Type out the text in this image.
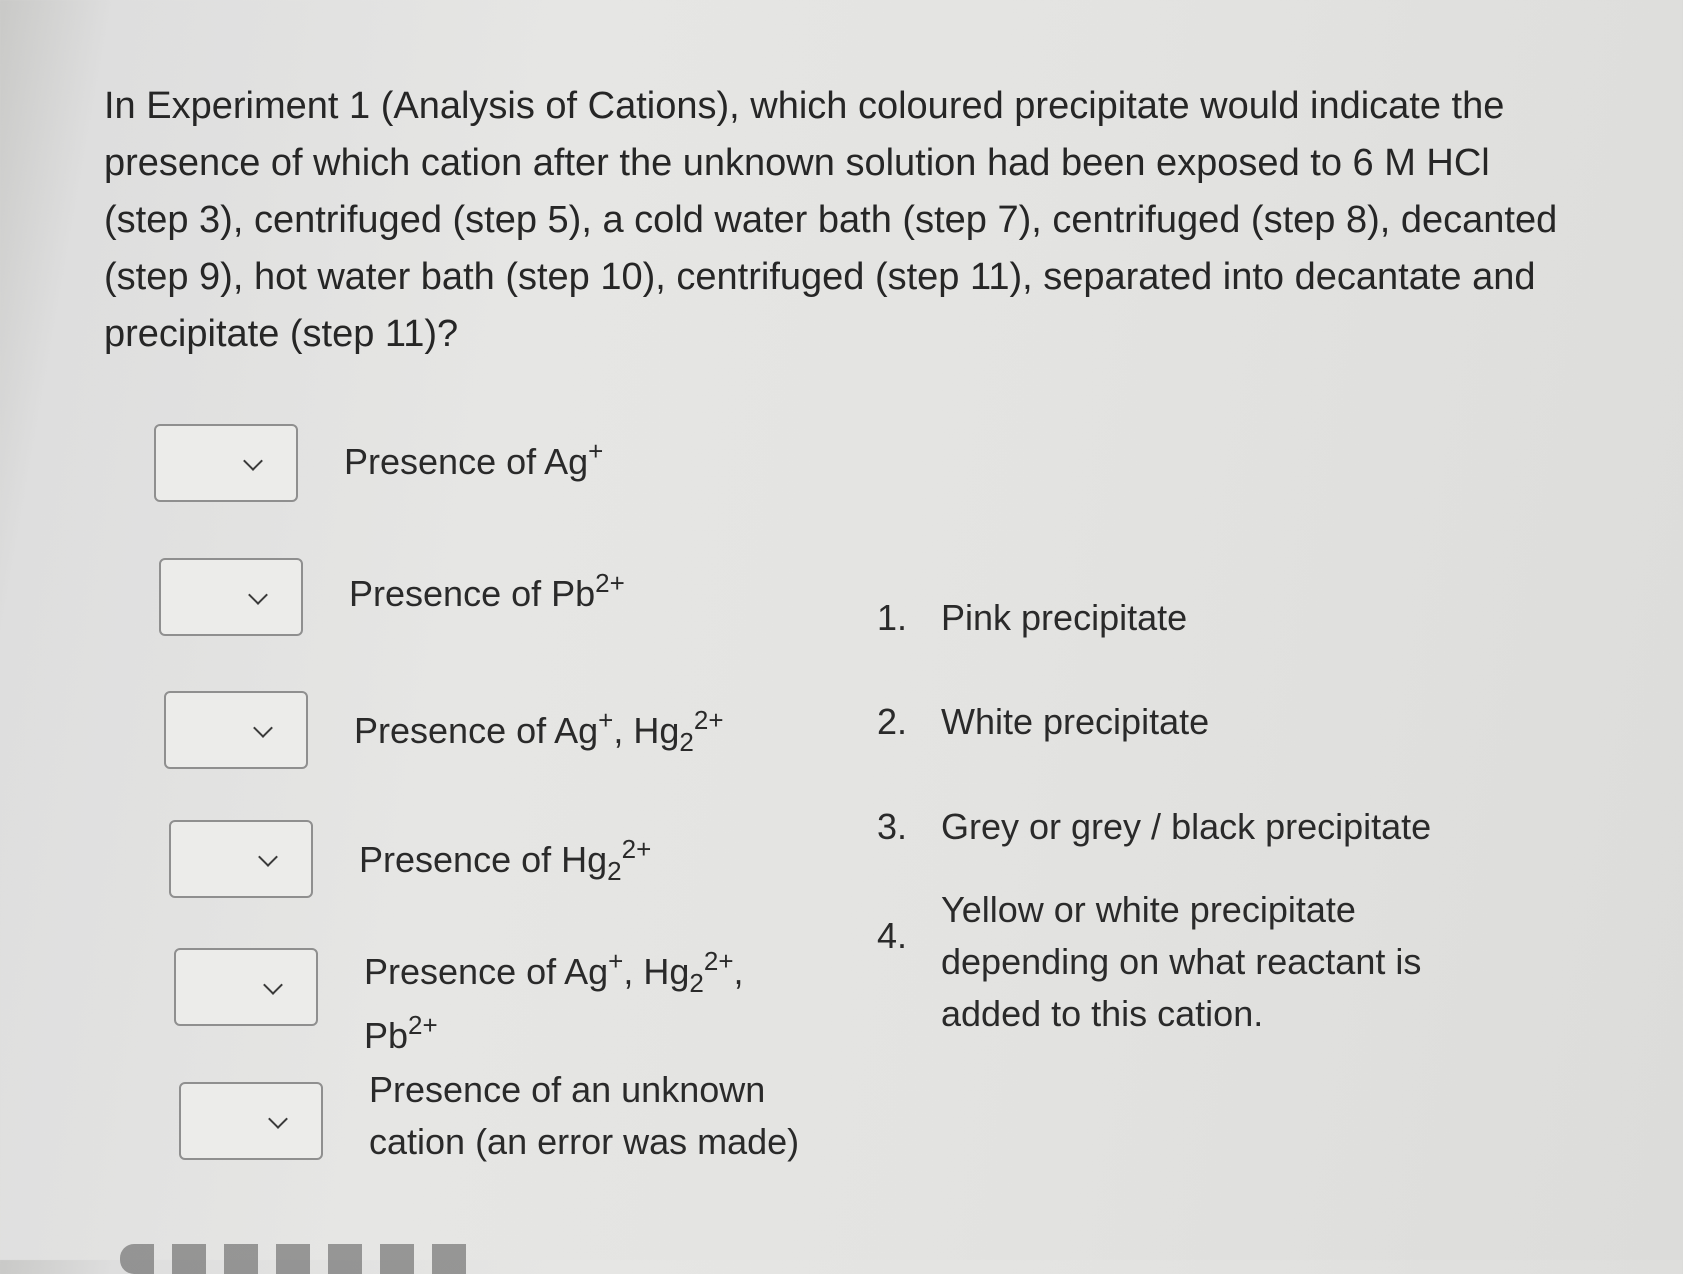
In Experiment 1 (Analysis of Cations), which coloured precipitate would indicate the presence of which cation after the unknown solution had been exposed to 6 M HCl (step 3), centrifuged (step 5), a cold water bath (step 7), centrifuged (step 8), decanted (step 9), hot water bath (step 10), centrifuged (step 11), separated into decantate and precipitate (step 11)?

Presence of Ag+
Presence of $Pb^{2+}$
Presence of Ag+, $Hg_2^{2+}$
Presence of $Hg_2^{2+}$
Presence of Ag+, $Hg_2^{2+}$,
$Pb^{2+}$
Presence of an unknown cation (an error was made)
1. Pink precipitate
2. White precipitate
3. Grey or grey / black precipitate
4.
Yellow or white precipitate depending on what reactant is added to this cation.
